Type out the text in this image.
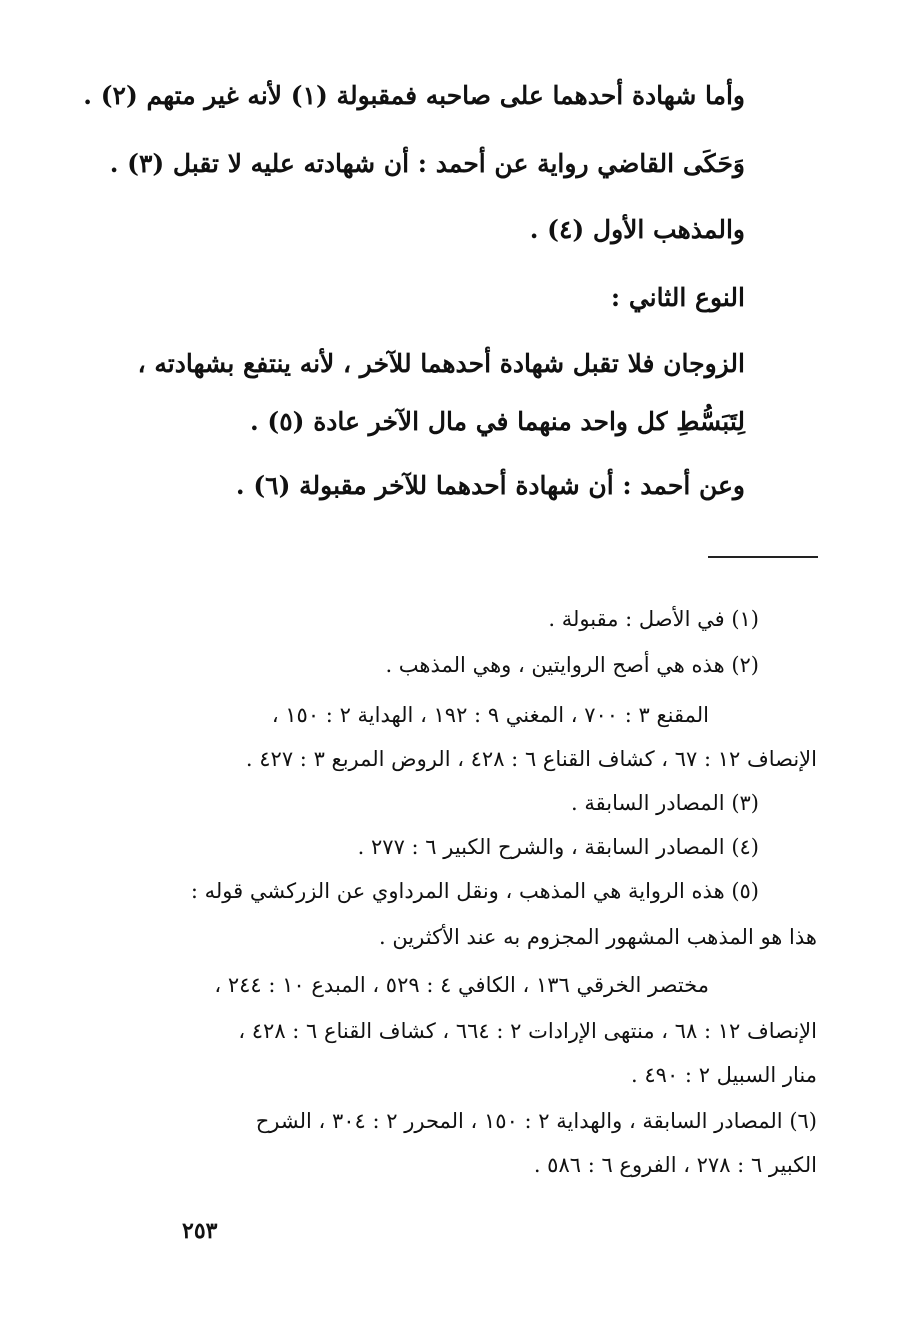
وأما شهادة أحدهما على صاحبه فمقبولة (١) لأنه غير متهم (٢) .
وَحَكَى القاضي رواية عن أحمد : أن شهادته عليه لا تقبل (٣) .
والمذهب الأول (٤) .
النوع الثاني :
الزوجان فلا تقبل شهادة أحدهما للآخر ، لأنه ينتفع بشهادته ،
لِتَبَسُّطِ كل واحد منهما في مال الآخر عادة (٥) .
وعن أحمد : أن شهادة أحدهما للآخر مقبولة (٦) .
(١) في الأصل : مقبولة .
(٢) هذه هي أصح الروايتين ، وهي المذهب .
المقنع ٣ : ٧٠٠ ، المغني ٩ : ١٩٢ ، الهداية ٢ : ١٥٠ ،
الإنصاف ١٢ : ٦٧ ، كشاف القناع ٦ : ٤٢٨ ، الروض المربع ٣ : ٤٢٧ .
(٣) المصادر السابقة .
(٤) المصادر السابقة ، والشرح الكبير ٦ : ٢٧٧ .
(٥) هذه الرواية هي المذهب ، ونقل المرداوي عن الزركشي قوله :
هذا هو المذهب المشهور المجزوم به عند الأكثرين .
مختصر الخرقي ١٣٦ ، الكافي ٤ : ٥٢٩ ، المبدع ١٠ : ٢٤٤ ،
الإنصاف ١٢ : ٦٨ ، منتهى الإرادات ٢ : ٦٦٤ ، كشاف القناع ٦ : ٤٢٨ ،
منار السبيل ٢ : ٤٩٠ .
(٦) المصادر السابقة ، والهداية ٢ : ١٥٠ ، المحرر ٢ : ٣٠٤ ، الشرح
الكبير ٦ : ٢٧٨ ، الفروع ٦ : ٥٨٦ .
٢٥٣
